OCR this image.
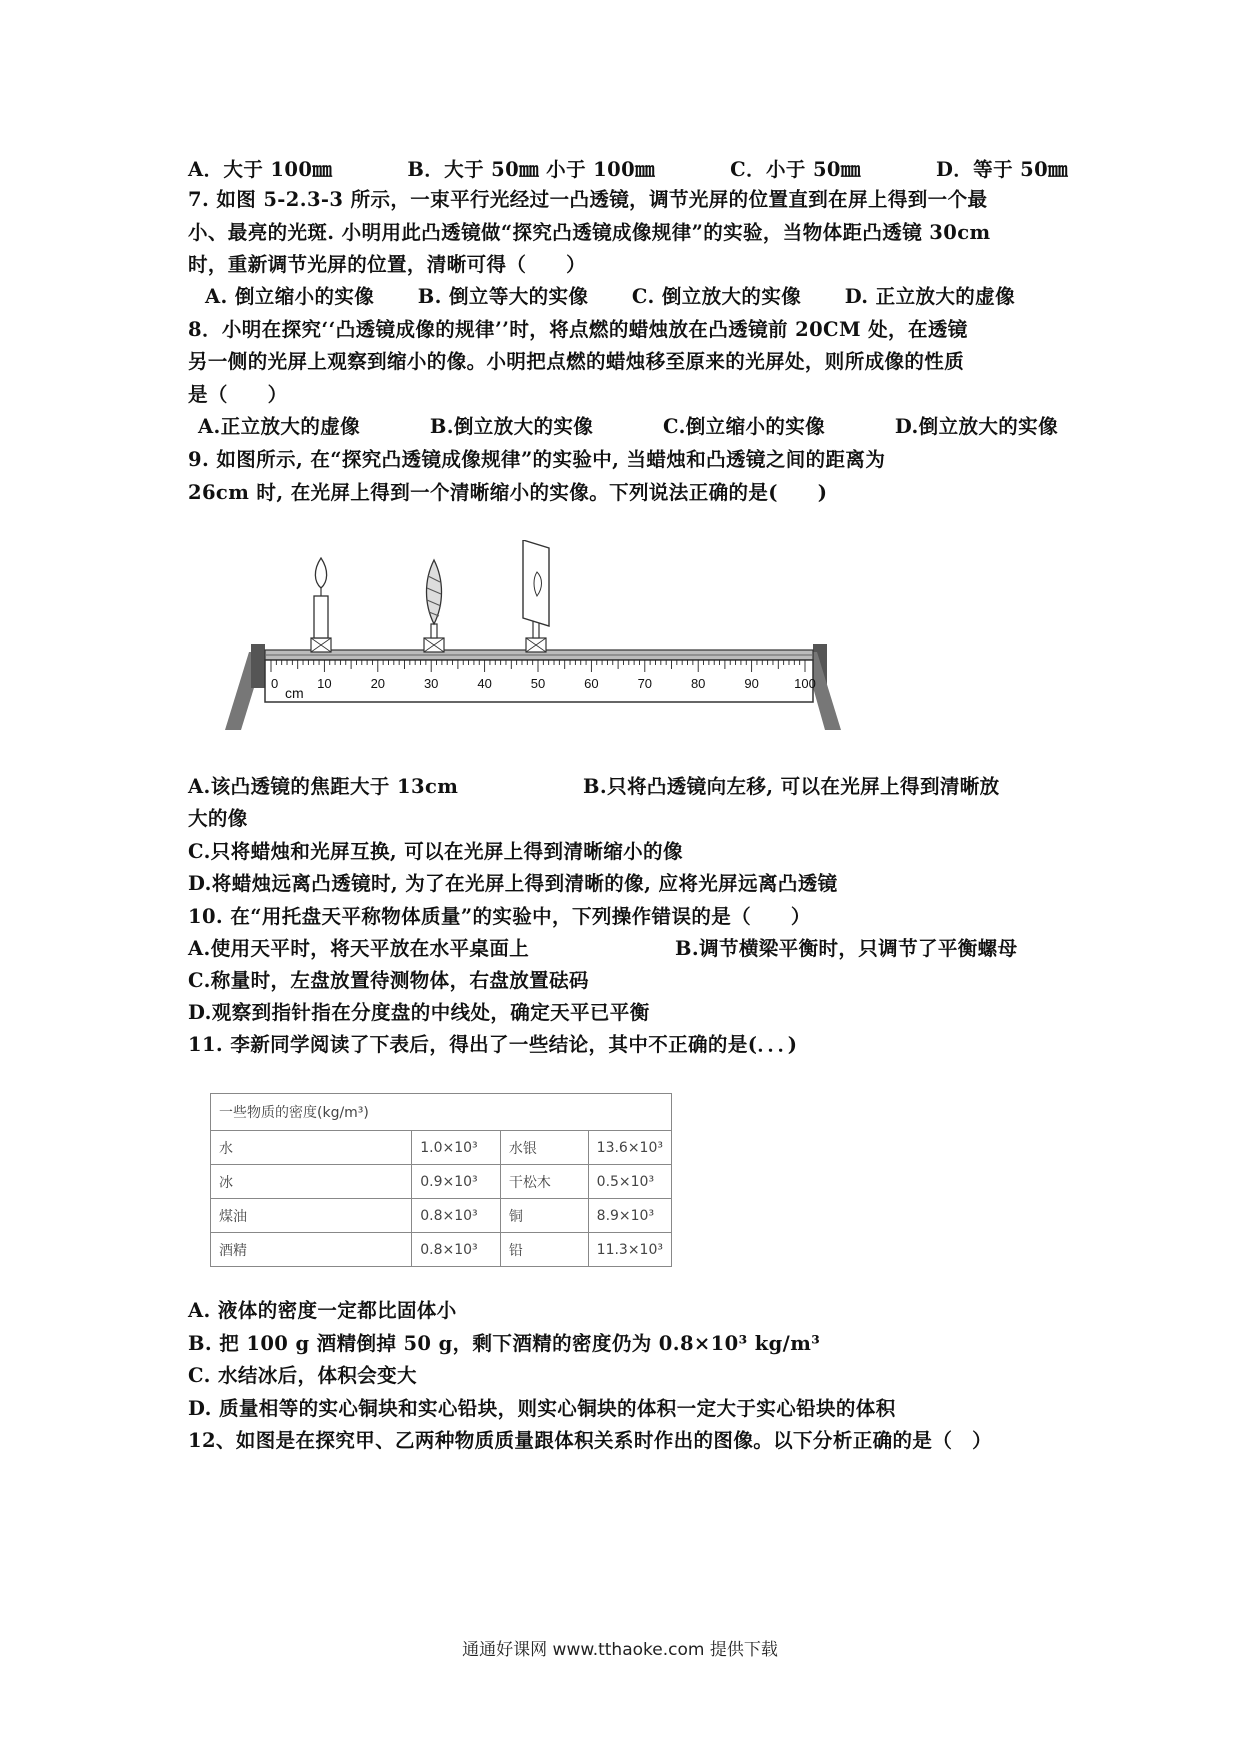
A．大于 100㎜	B．大于 50㎜ 小于 100㎜	C．小于 50㎜	D．等于 50㎜
7. 如图 5-2.3-3 所示，一束平行光经过一凸透镜，调节光屏的位置直到在屏上得到一个最
小、最亮的光斑. 小明用此凸透镜做“探究凸透镜成像规律”的实验，当物体距凸透镜 30cm
时，重新调节光屏的位置，清晰可得（　　）
A. 倒立缩小的实像 B. 倒立等大的实像 C. 倒立放大的实像 D. 正立放大的虚像
8．小明在探究‘‘凸透镜成像的规律’’时，将点燃的蜡烛放在凸透镜前 20CM 处，在透镜
另一侧的光屏上观察到缩小的像。小明把点燃的蜡烛移至原来的光屏处，则所成像的性质
是（　　）
A.正立放大的虚像	B.倒立放大的实像	C.倒立缩小的实像	D.倒立放大的实像
9. 如图所示, 在“探究凸透镜成像规律”的实验中, 当蜡烛和凸透镜之间的距离为
26cm 时, 在光屏上得到一个清晰缩小的实像。下列说法正确的是(　　)
0	10	20	30	40	50	60	70	80	90	100
cm
A.该凸透镜的焦距大于 13cm	B.只将凸透镜向左移, 可以在光屏上得到清晰放
大的像
C.只将蜡烛和光屏互换, 可以在光屏上得到清晰缩小的像
D.将蜡烛远离凸透镜时, 为了在光屏上得到清晰的像, 应将光屏远离凸透镜
10. 在“用托盘天平称物体质量”的实验中，下列操作错误的是（　　）
A.使用天平时，将天平放在水平桌面上	B.调节横梁平衡时，只调节了平衡螺母
C.称量时，左盘放置待测物体，右盘放置砝码
D.观察到指针指在分度盘的中线处，确定天平已平衡
11. 李新同学阅读了下表后，得出了一些结论，其中不正确的是(．．．)
一些物质的密度(kg/m³)			
水	1.0×10³	水银	13.6×10³
冰	0.9×10³	干松木	0.5×10³
煤油	0.8×10³	铜	8.9×10³
酒精	0.8×10³	铅	11.3×10³
A. 液体的密度一定都比固体小
B. 把 100 g 酒精倒掉 50 g，剩下酒精的密度仍为 0.8×10³ kg/m³
C. 水结冰后，体积会变大
D. 质量相等的实心铜块和实心铅块，则实心铜块的体积一定大于实心铅块的体积
12、如图是在探究甲、乙两种物质质量跟体积关系时作出的图像。以下分析正确的是（　）
通通好课网 www.tthaoke.com 提供下载
